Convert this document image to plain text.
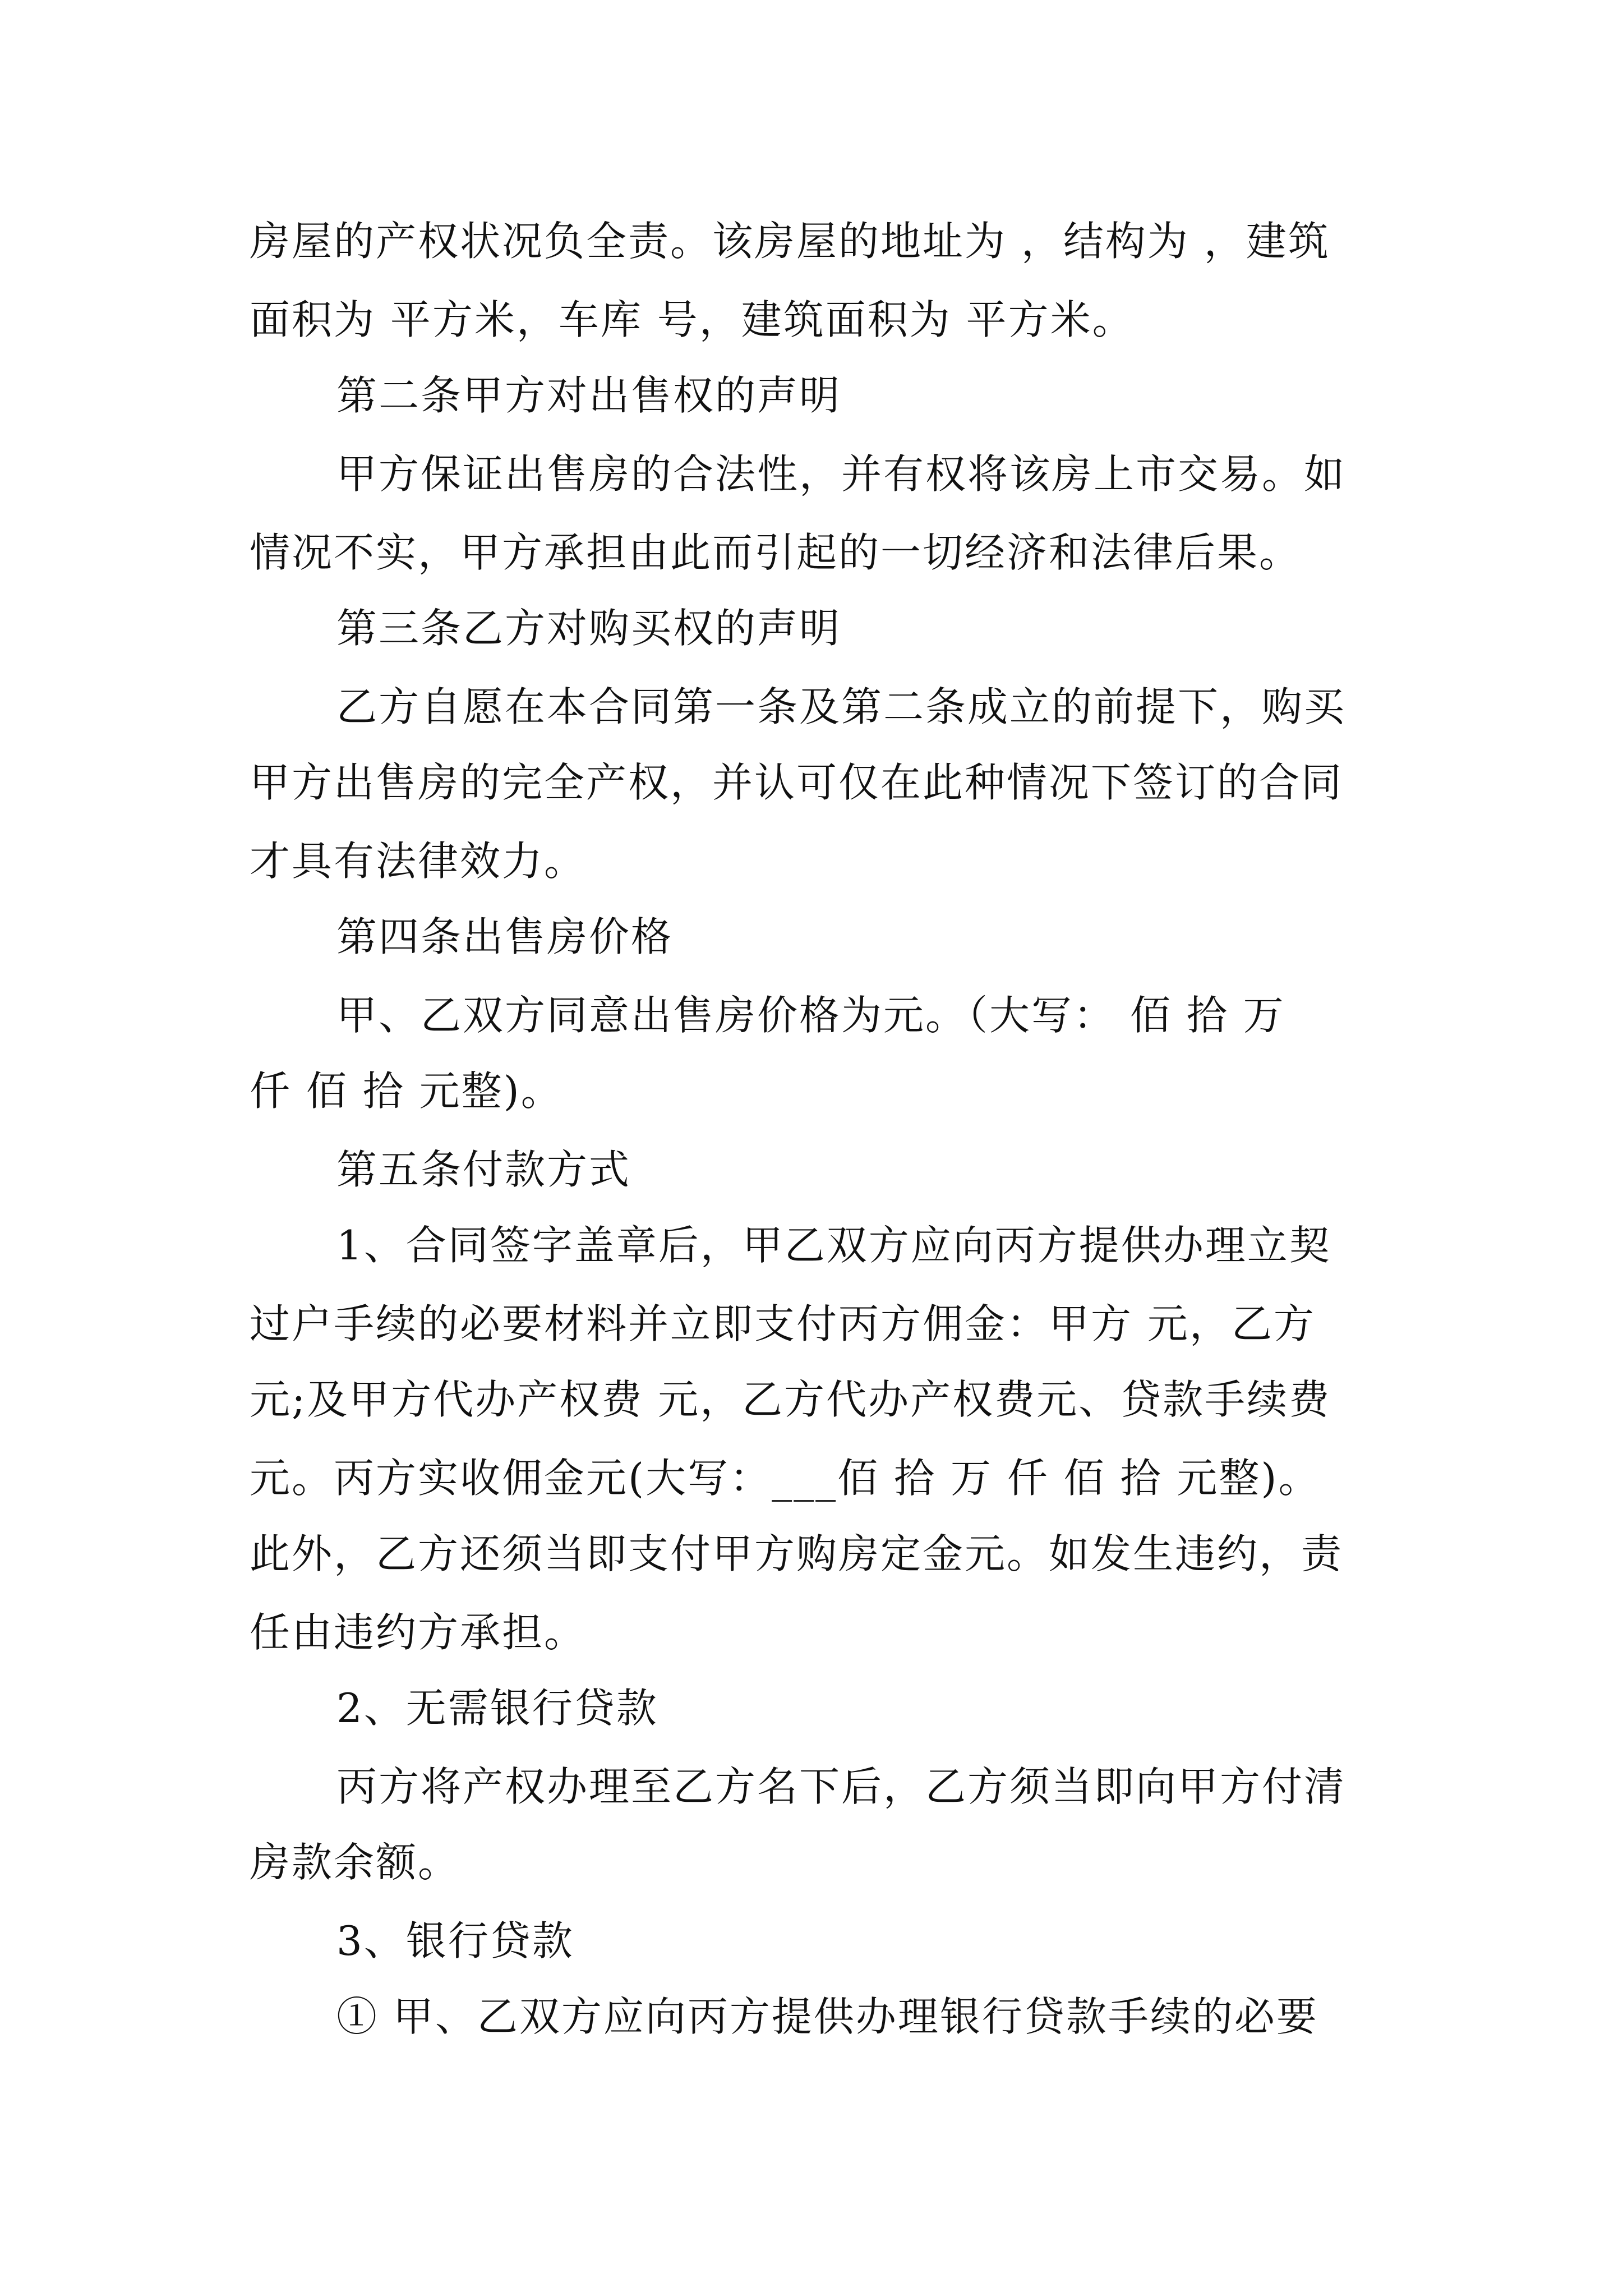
房屋的产权状况负全责。该房屋的地址为 ，结构为 ，建筑
面积为 平方米，车库 号，建筑面积为 平方米。
第二条甲方对出售权的声明
甲方保证出售房的合法性，并有权将该房上市交易。如
情况不实，甲方承担由此而引起的一切经济和法律后果。
第三条乙方对购买权的声明
乙方自愿在本合同第一条及第二条成立的前提下，购买
甲方出售房的完全产权，并认可仅在此种情况下签订的合同
才具有法律效力。
第四条出售房价格
甲、乙双方同意出售房价格为元。（大写： 佰 拾 万
仟 佰 拾 元整)。
第五条付款方式
1、合同签字盖章后，甲乙双方应向丙方提供办理立契
过户手续的必要材料并立即支付丙方佣金：甲方 元，乙方
元;及甲方代办产权费 元，乙方代办产权费元、贷款手续费
元。丙方实收佣金元(大写：___佰 拾 万 仟 佰 拾 元整)。
此外，乙方还须当即支付甲方购房定金元。如发生违约，责
任由违约方承担。
2、无需银行贷款
丙方将产权办理至乙方名下后，乙方须当即向甲方付清
房款余额。
3、银行贷款
① 甲、乙双方应向丙方提供办理银行贷款手续的必要
